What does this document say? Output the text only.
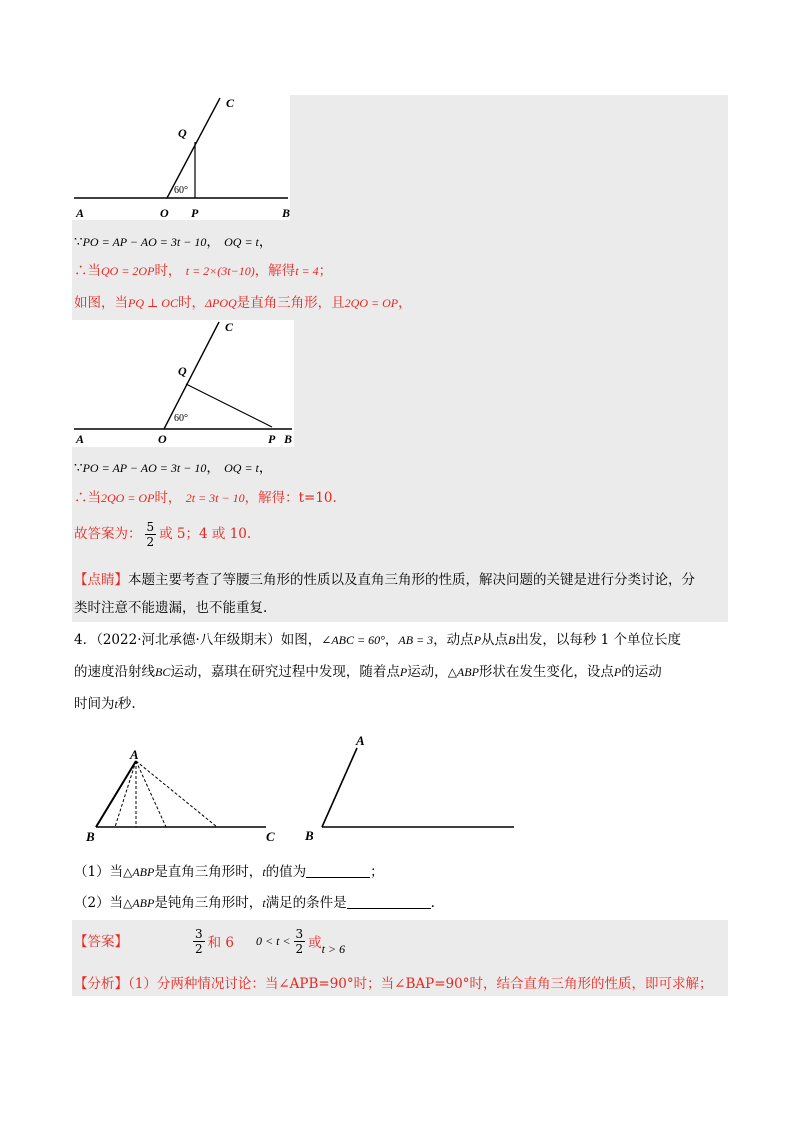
C
Q
60°
A	O P	B
∵PO = AP − AO = 3t − 10， OQ = t，
∴当QO = 2OP时， t = 2×(3t−10)，解得t = 4；
如图，当PQ ⊥ OC时，ΔPOQ是直角三角形，且2QO = OP，
C
Q
60°
A	O	P B
∵PO = AP − AO = 3t − 10， OQ = t，
∴当2QO = OP时， 2t = 3t − 10，解得：t=10.
故答案为： $\frac{5}{2}$ 或 5；4 或 10.
【点睛】本题主要考查了等腰三角形的性质以及直角三角形的性质，解决问题的关键是进行分类讨论，分
类时注意不能遗漏，也不能重复.
4．（2022·河北承德·八年级期末）如图，∠ABC = 60°，AB = 3，动点P从点B出发，以每秒 1 个单位长度
的速度沿射线BC运动，嘉琪在研究过程中发现，随着点P运动，△ABP形状在发生变化，设点P的运动
时间为t秒.
A
B	C
A
B
（1）当△ABP是直角三角形时，t的值为	；
（2）当△ABP是钝角三角形时，t满足的条件是	.
【答案】	$\frac{3}{2}$ 和 6 $0 < t < \frac{3}{2}$ 或 t > 6
【分析】（1）分两种情况讨论：当∠APB=90°时；当∠BAP=90°时，结合直角三角形的性质，即可求解；
